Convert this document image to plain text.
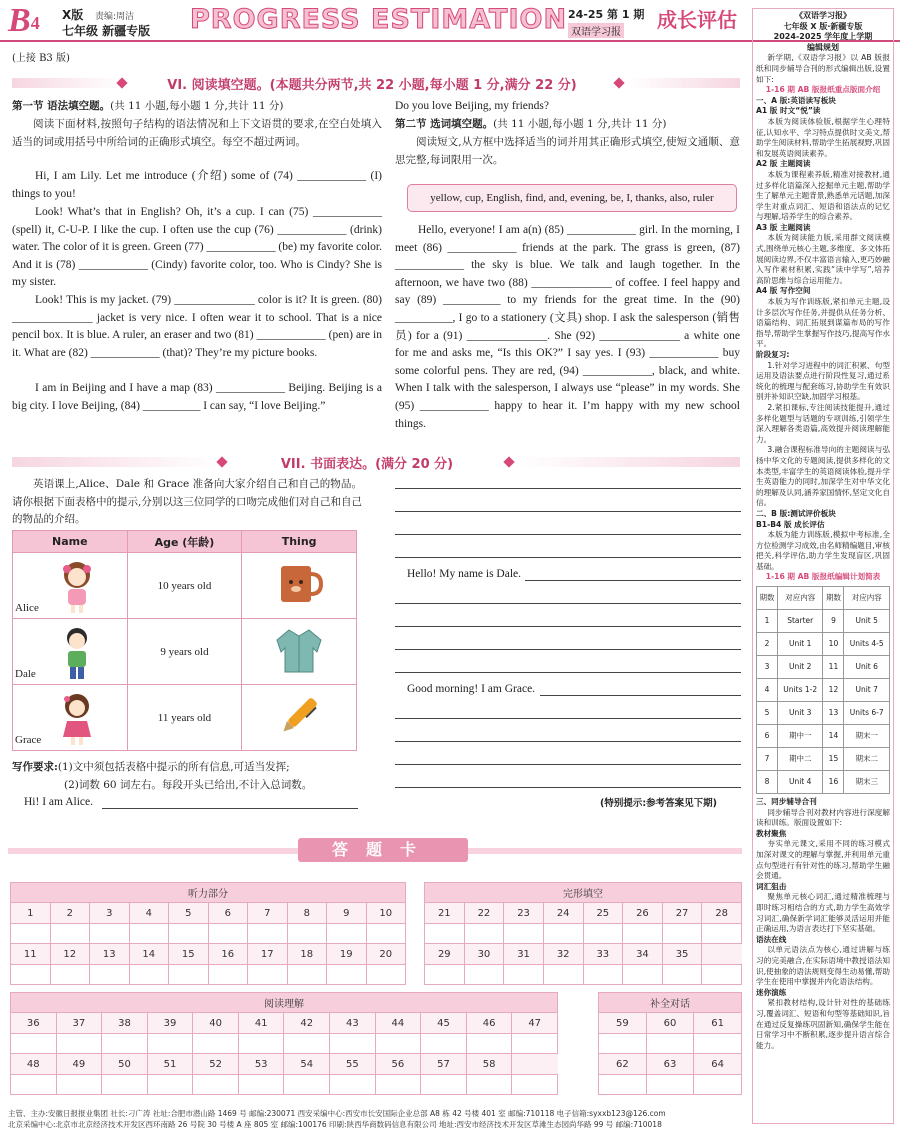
B4	X版 责编:周洁
七年级 新疆专版 PROGRESS ESTIMATION 24-25 第 1 期
双语学习报
成长评估
(上接 B3 版)
VI. 阅读填空题。(本题共分两节,共 22 小题,每小题 1 分,满分 22 分)
第一节 语法填空题。(共 11 小题,每小题 1 分,共计 11 分)
阅读下面材料,按照句子结构的语法情况和上下文语贯的要求,在空白处填入适当的词或用括号中所给词的正确形式填空。每空不超过两词。
Hi, I am Lily. Let me introduce (介绍) some of (74) ____________ (I) things to you!
Look! What’s that in English? Oh, it’s a cup. I can (75) ____________ (spell) it, C-U-P. I like the cup. I often use the cup (76) ____________ (drink) water. The color of it is green. Green (77) ____________ (be) my favorite color. And it is (78) ____________ (Cindy) favorite color, too. Who is Cindy? She is my sister.
Look! This is my jacket. (79) ______________ color is it? It is green. (80) ______________ jacket is very nice. I often wear it to school. That is a nice pencil box. It is blue. A ruler, an eraser and two (81) ____________ (pen) are in it. What are (82) ____________ (that)? They’re my picture books.
I am in Beijing and I have a map (83) ____________ Beijing. Beijing is a big city. I love Beijing, (84) __________ I can say, “I love Beijing.”
Do you love Beijing, my friends?
第二节 选词填空题。(共 11 小题,每小题 1 分,共计 11 分)
阅读短文,从方框中选择适当的词并用其正确形式填空,使短文通顺、意思完整,每词限用一次。
yellow, cup, English, find, and, evening, be, I, thanks, also, ruler
Hello, everyone! I am a(n) (85) ____________ girl. In the morning, I meet (86) ____________ friends at the park. The grass is green, (87) ____________ the sky is blue. We talk and laugh together. In the afternoon, we have two (88) ______________ of coffee. I feel happy and say (89) __________ to my friends for the great time. In the (90) __________, I go to a stationery (文具) shop. I ask the salesperson (销售员) for a (91) ______________. She (92) ______________ a white one for me and asks me, “Is this OK?” I say yes. I (93) ____________ buy some colorful pens. They are red, (94) ____________, black, and white. When I talk with the salesperson, I always use “please” in my words. She (95) ____________ happy to hear it. I’m happy with my new school things.
VII. 书面表达。(满分 20 分)
英语课上,Alice、Dale 和 Grace 准备向大家介绍自己和自己的物品。请你根据下面表格中的提示,分别以这三位同学的口吻完成他们对自己和自己的物品的介绍。
Name	Age (年龄)	Thing

Alice	10 years old	

Dale	9 years old	

Grace	11 years old	
写作要求:(1)文中须包括表格中提示的所有信息,可适当发挥;
(2)词数 60 词左右。每段开头已给出,不计入总词数。
Hi! I am Alice.
Hello! My name is Dale.
Good morning! I am Grace.
(特别提示:参考答案见下期)
答题卡
听力部分									
1	2	3	4	5	6	7	8	9	10

11	12	13	14	15	16	17	18	19	20

完形填空							
21	22	23	24	25	26	27	28

29	30	31	32	33	34	35	

阅读理解											
36	37	38	39	40	41	42	43	44	45	46	47

48	49	50	51	52	53	54	55	56	57	58	

补全对话		
59	60	61

62	63	64

主管、主办:安徽日报报业集团 社长:刁广涛 社址:合肥市潜山路 1469 号 邮编:230071 西安采编中心:西安市长安国际企业总部 A8 栋 42 号楼 401 室 邮编:710118 电子信箱:syxxb123@126.com
北京采编中心:北京市北京经济技术开发区西环南路 26 号院 30 号楼 A 座 805 室 邮编:100176 印刷:陕西华商数码信息有限公司 地址:西安市经济技术开发区草滩生态园尚华路 99 号 邮编:710018
《双语学习报》
七年级 X 版·新疆专版
2024-2025 学年度上学期
编辑规划

新学期,《双语学习报》以 AB 版报纸和同步辅导合刊的形式编辑出版,设置如下:

1-16 期 AB 版报纸重点版面介绍
一、A 版:英语读写板块
A1 版 时文“悦”读

本版为阅读体验版,根据学生心理特征,认知水平、学习特点提供时文美文,帮助学生阅读材料,帮助学生拓展视野,巩固和发展英语阅读素养。

A2 版 主题阅读

本版为课程素养版,精准对接教材,通过多样化语篇深入挖掘单元主题,帮助学生了解单元主题背景,熟悉单元话题,加深学生对重点词汇、短语和语法点的记忆与理解,培养学生的综合素养。

A3 版 主题阅读

本版为阅读能力版,采用群文阅读模式,围绕单元核心主题,多维度、多文体拓展阅读边界,不仅丰富语言输入,更巧妙融入写作素材积累,实践“读中学写”,培养高阶思维与综合运用能力。

A4 版 写作空间

本版为写作训练版,紧扣单元主题,设计多层次写作任务,并提供从任务分析、语篇结构、词汇拓展到谋篇布局的写作指导,帮助学生掌握写作技巧,提高写作水平。

阶段复习:

1.针对学习进程中的词汇积累、句型运用及语法要点进行阶段性复习,通过系统化的梳理与配套练习,协助学生有效识别并补知识空缺,加固学习根基。

2.紧扣课标,专注阅读技能提升,通过多样化题型与话题的专项训练,引领学生深入理解各类语篇,高效提升阅读理解能力。

3.融合课程标准导向的主题阅读与弘扬中华文化的专题阅读,提供多样化的文本类型,丰富学生的英语阅读体验,提升学生英语能力的同时,加深学生对中华文化的理解及认同,涵养家国情怀,坚定文化自信。

二、B 版:测试评价板块
B1-B4 版 成长评估

本版为能力训练版,模拟中考标准,全方位检测学习成效,由名师精编题目,审核把关,科学评估,助力学生发现盲区,巩固基础。

1-16 期 AB 版报纸编辑计划简表
期数	对应内容	期数	对应内容
1	Starter	9	Unit 5
2	Unit 1	10	Units 4-5
3	Unit 2	11	Unit 6
4	Units 1-2	12	Unit 7
5	Unit 3	13	Units 6-7
6	期中一	14	期末一
7	期中二	15	期末二
8	Unit 4	16	期末三
三、同步辅导合刊

同步辅导合刊对教材内容进行深度解读和训练。版面设置如下:

教材聚焦

夯实单元课文,采用不同的练习模式加深对课文的理解与掌握,并利用单元重点句型进行有针对性的练习,帮助学生融会贯通。

词汇狙击

聚焦单元核心词汇,通过精准梳理与即时练习相结合的方式,助力学生高效学习词汇,确保新学词汇能够灵活运用并能正确运用,为语言表达打下坚实基础。

语法在线

以单元语法点为核心,通过讲解与练习的完美融合,在实际语境中教授语法知识,使抽象的语法规则变得生动易懂,帮助学生在使用中掌握并内化语法结构。

迷你演练

紧扣教材结构,设计针对性的基础练习,覆盖词汇、短语和句型等基础知识,旨在通过反复操练巩固新知,确保学生能在日常学习中不断积累,逐步提升语言综合能力。
